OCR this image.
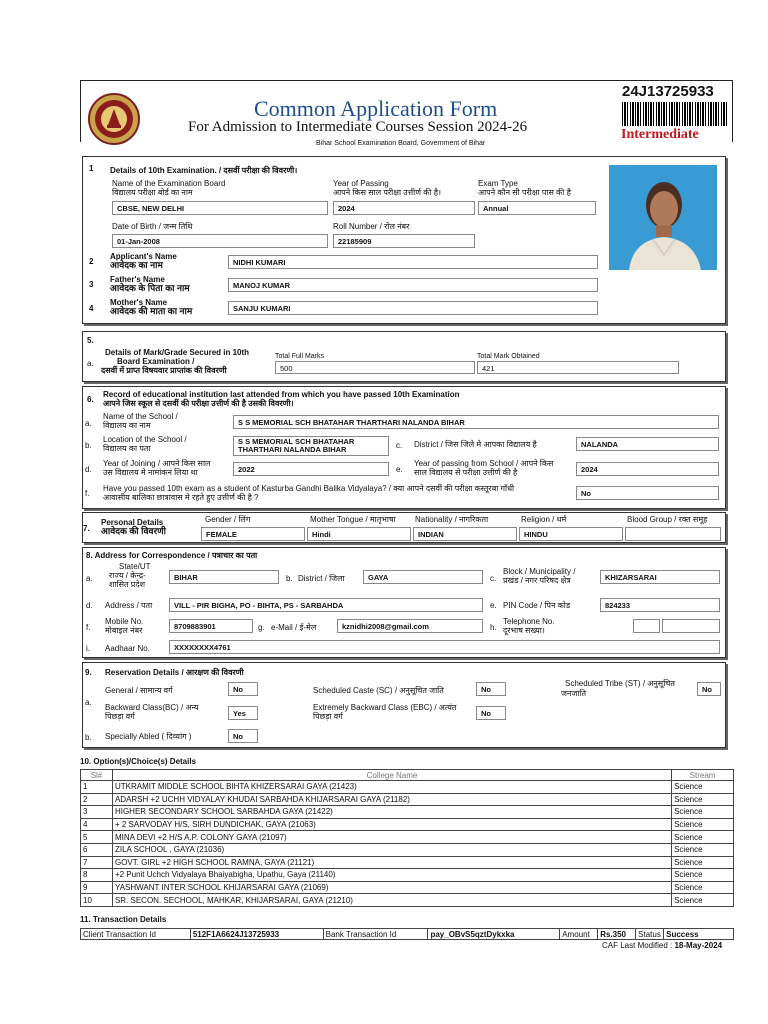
Common Application Form
For Admission to Intermediate Courses Session 2024-26
Bihar School Examination Board, Government of Bihar
24J13725933
Intermediate
1 Details of 10th Examination. / दसवीं परीक्षा की विवरणी।
Name of the Examination Board
विद्यालय परीक्षा बोर्ड का नाम
CBSE, NEW DELHI
Year of Passing
आपने किस साल परीक्षा उत्तीर्ण की है।
2024
Exam Type
आपने कौन सी परीक्षा पास की है
Annual
Date of Birth / जन्म तिथि
01-Jan-2008
Roll Number / रोल नंबर
22185909
2
Applicant's Name
आवेदक का नाम	NIDHI KUMARI
3
Father's Name
आवेदक के पिता का नाम	MANOJ KUMAR
4
Mother's Name
आवेदक की माता का नाम	SANJU KUMARI
5.
a.
Details of Mark/Grade Secured in 10th
Board Examination /
दसवीं में प्राप्त विषयवार प्राप्तांक की विवरणी
Total Full Marks
500
Total Mark Obtained
421
6.
Record of educational institution last attended from which you have passed 10th Examination
आपने जिस स्कूल से दसवीं की परीक्षा उत्तीर्ण की है उसकी विवरणी।
a.
Name of the School /
विद्यालय का नाम	S S MEMORIAL SCH BHATAHAR THARTHARI NALANDA BIHAR
b.
Location of the School /
विद्यालय का पता
S S MEMORIAL SCH BHATAHAR THARTHARI NALANDA BIHAR	c. District / जिस जिले मे आपका विद्यालय है	NALANDA
d.
Year of Joining / आपने किस साल
उस विद्यालय मे नामांकन लिया था	2022	e.
Year of passing from School / आपने किस
साल विद्यालय से परीक्षा उत्तीर्ण की है	2024
f.
Have you passed 10th exam as a student of Kasturba Gandhi Balika Vidyalaya? / क्या आपने दसवीं की परीक्षा कस्तूरबा गाँधी
आवासीय बालिका छात्रावास मे रहते हुए उत्तीर्ण की है ?	No
7.
Personal Details
आवेदक की विवरणी
Gender / लिंग
FEMALE
Mother Tongue / मातृभाषा
Hindi
Nationality / नागरिकता
INDIAN
Religion / धर्म
HINDU
Blood Group / रक्त समूह
8. Address for Correspondence / पत्राचार का पता
a.
State/UT
राज्य / केन्द्र-
शासित प्रदेश
BIHAR	b. District / जिला	GAYA	c.
Block / Municipality /
प्रखंड / नगर परिषद क्षेत्र	KHIZARSARAI
d. Address / पता	VILL - PIR BIGHA, PO - BIHTA, PS - SARBAHDA	e. PIN Code / पिन कोड	824233
f.
Mobile No.
मोबाइल नंबर	8709883901	g. e-Mail / ई-मेल	kznidhi2008@gmail.com	h.
Telephone No.
दूरभाष सख्या।
i. Aadhaar No.	XXXXXXXX4761
9. Reservation Details / आरक्षण की विवरणी
a.
b.
General / सामान्य वर्ग	No	Scheduled Caste (SC) / अनुसूचित जाति	No
Scheduled Tribe (ST) / अनुसूचित
जनजाति	No
Backward Class(BC) / अन्य
पिछड़ा वर्ग	Yes
Extremely Backward Class (EBC) / अत्यंत
पिछड़ा वर्ग	No
Specially Abled ( दिव्यांग )	No
10. Option(s)/Choice(s) Details
Sl#	College Name	Stream
1	UTKRAMIT MIDDLE SCHOOL BIHTA KHIZERSARAI GAYA (21423)	Science
2	ADARSH +2 UCHH VIDYALAY KHUDAI SARBAHDA KHIJARSARAI GAYA (21182)	Science
3	HIGHER SECONDARY SCHOOL SARBAHDA GAYA (21422)	Science
4	+ 2 SARVODAY H/S, SIRH DUNDICHAK, GAYA (21063)	Science
5	MINA DEVI +2 H/S A.P. COLONY GAYA (21097)	Science
6	ZILA SCHOOL , GAYA (21036)	Science
7	GOVT. GIRL +2 HIGH SCHOOL RAMNA, GAYA (21121)	Science
8	+2 Punit Uchch Vidyalaya Bhaiyabigha, Upathu, Gaya (21140)	Science
9	YASHWANT INTER SCHOOL KHIJARSARAI GAYA (21069)	Science
10	SR. SECON. SECHOOL, MAHKAR, KHIJARSARAI, GAYA (21210)	Science
11. Transaction Details
Client Transaction Id	512F1A6624J13725933	Bank Transaction Id	pay_OBvS5qztDykxka	Amount	Rs.350	Status	Success
CAF Last Modified : 18-May-2024
